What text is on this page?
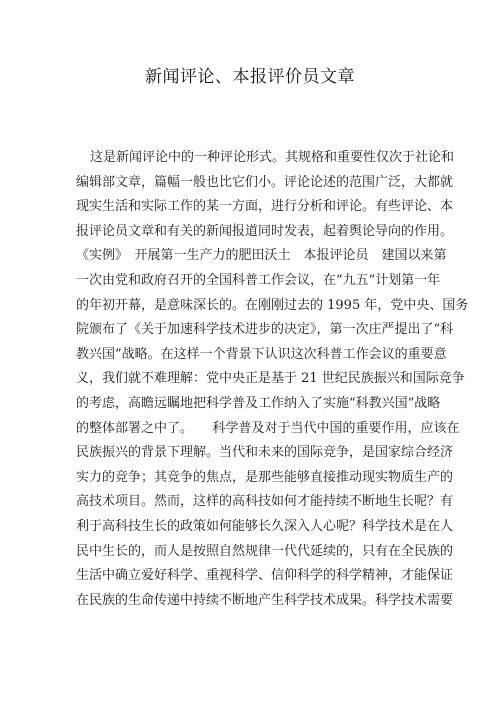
新闻评论、本报评价员文章
这是新闻评论中的一种评论形式。其规格和重要性仅次于社论和
编辑部文章，篇幅一般也比它们小。评论论述的范围广泛，大都就
现实生活和实际工作的某一方面，进行分析和评论。有些评论、本
报评论员文章和有关的新闻报道同时发表，起着舆论导向的作用。
《实例》　开展第一生产力的肥田沃土　本报评论员　建国以来第
一次由党和政府召开的全国科普工作会议，在“九五”计划第一年
的年初开幕，是意味深长的。在刚刚过去的 1995 年，党中央、国务
院颁布了《关于加速科学技术进步的决定》，第一次庄严提出了“科
教兴国”战略。在这样一个背景下认识这次科普工作会议的重要意
义，我们就不难理解：党中央正是基于 21 世纪民族振兴和国际竞争
的考虑，高瞻远瞩地把科学普及工作纳入了实施“科教兴国”战略
的整体部署之中了。　　科学普及对于当代中国的重要作用，应该在
民族振兴的背景下理解。当代和未来的国际竞争，是国家综合经济
实力的竞争；其竞争的焦点，是那些能够直接推动现实物质生产的
高技术项目。然而，这样的高科技如何才能持续不断地生长呢？有
利于高科技生长的政策如何能够长久深入人心呢？科学技术是在人
民中生长的，而人是按照自然规律一代代延续的，只有在全民族的
生活中确立爱好科学、重视科学、信仰科学的科学精神，才能保证
在民族的生命传递中持续不断地产生科学技术成果。科学技术需要
